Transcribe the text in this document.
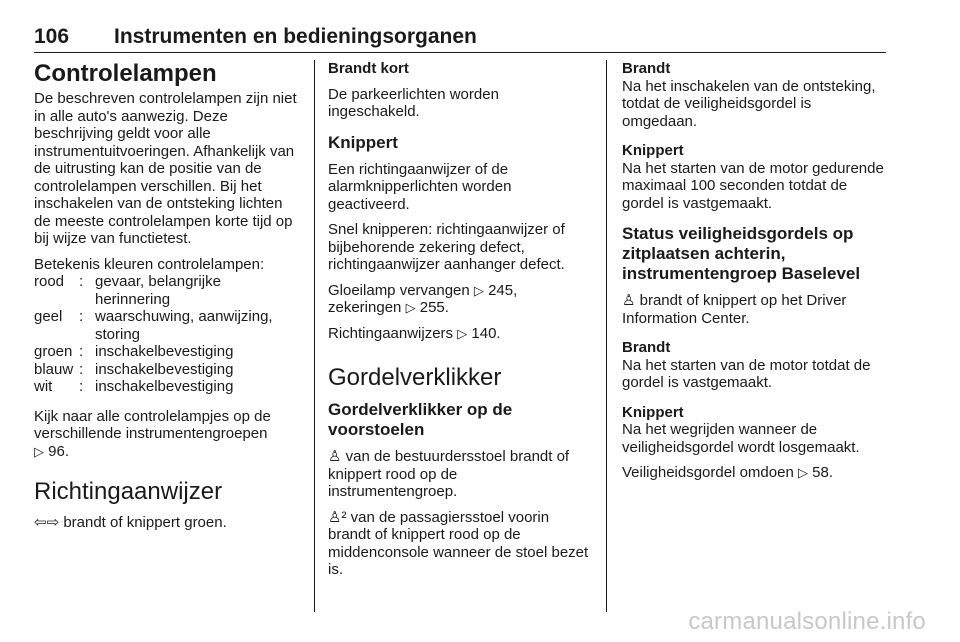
106 Instrumenten en bedieningsorganen
Controlelampen

De beschreven controlelampen zijn niet in alle auto's aanwezig. Deze beschrijving geldt voor alle instrumentuitvoeringen. Afhankelijk van de uitrusting kan de positie van de controlelampen verschillen. Bij het inschakelen van de ontsteking lichten de meeste controlelampen korte tijd op bij wijze van functietest.

Betekenis kleuren controlelampen:

rood	:	gevaar, belangrijke herinnering
geel	:	waarschuwing, aanwijzing, storing
groen	:	inschakelbevestiging
blauw	:	inschakelbevestiging
wit	:	inschakelbevestiging

Kijk naar alle controlelampjes op de verschillende instrumentengroepen
▷ 96.

Richtingaanwijzer

⇦⇨ brandt of knippert groen.

Brandt kort

De parkeerlichten worden ingeschakeld.

Knippert

Een richtingaanwijzer of de alarmknipperlichten worden geactiveerd.

Snel knipperen: richtingaanwijzer of bijbehorende zekering defect, richtingaanwijzer aanhanger defect.

Gloeilamp vervangen ▷ 245, zekeringen ▷ 255.

Richtingaanwijzers ▷ 140.

Gordelverklikker
Gordelverklikker op de voorstoelen

♙ van de bestuurdersstoel brandt of knippert rood op de instrumentengroep.

♙² van de passagiersstoel voorin brandt of knippert rood op de middenconsole wanneer de stoel bezet is.

Brandt

Na het inschakelen van de ontsteking, totdat de veiligheidsgordel is omgedaan.

Knippert

Na het starten van de motor gedurende maximaal 100 seconden totdat de gordel is vastgemaakt.

Status veiligheidsgordels op zitplaatsen achterin, instrumentengroep Baselevel

♙ brandt of knippert op het Driver Information Center.

Brandt

Na het starten van de motor totdat de gordel is vastgemaakt.

Knippert

Na het wegrijden wanneer de veiligheidsgordel wordt losgemaakt.

Veiligheidsgordel omdoen ▷ 58.

carmanualsonline.info
